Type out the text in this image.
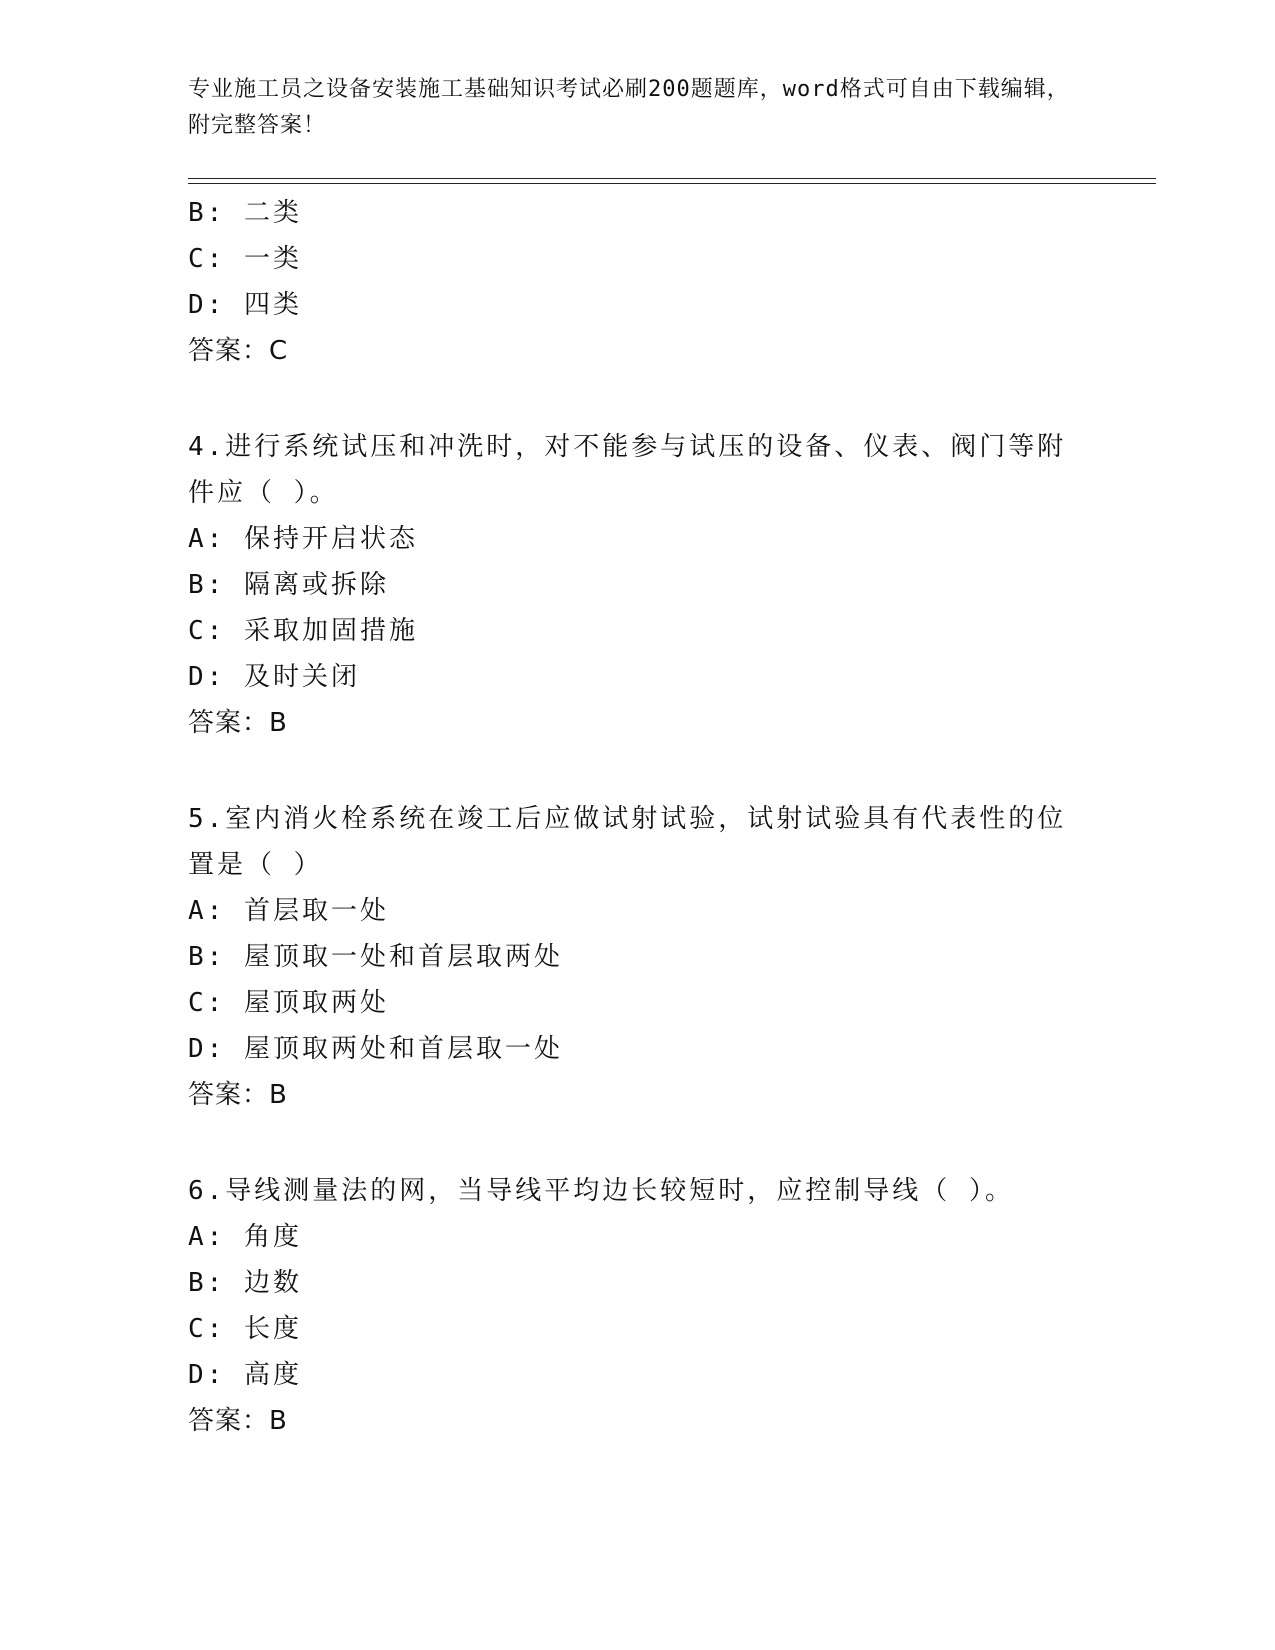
专业施工员之设备安装施工基础知识考试必刷200题题库，word格式可自由下载编辑，附完整答案！
B: 二类
C: 一类
D: 四类
答案：C
4.进行系统试压和冲洗时，对不能参与试压的设备、仪表、阀门等附件应（ ）。
A: 保持开启状态
B: 隔离或拆除
C: 采取加固措施
D: 及时关闭
答案：B
5.室内消火栓系统在竣工后应做试射试验，试射试验具有代表性的位置是（ ）
A: 首层取一处
B: 屋顶取一处和首层取两处
C: 屋顶取两处
D: 屋顶取两处和首层取一处
答案：B
6.导线测量法的网，当导线平均边长较短时，应控制导线（ ）。
A: 角度
B: 边数
C: 长度
D: 高度
答案：B
